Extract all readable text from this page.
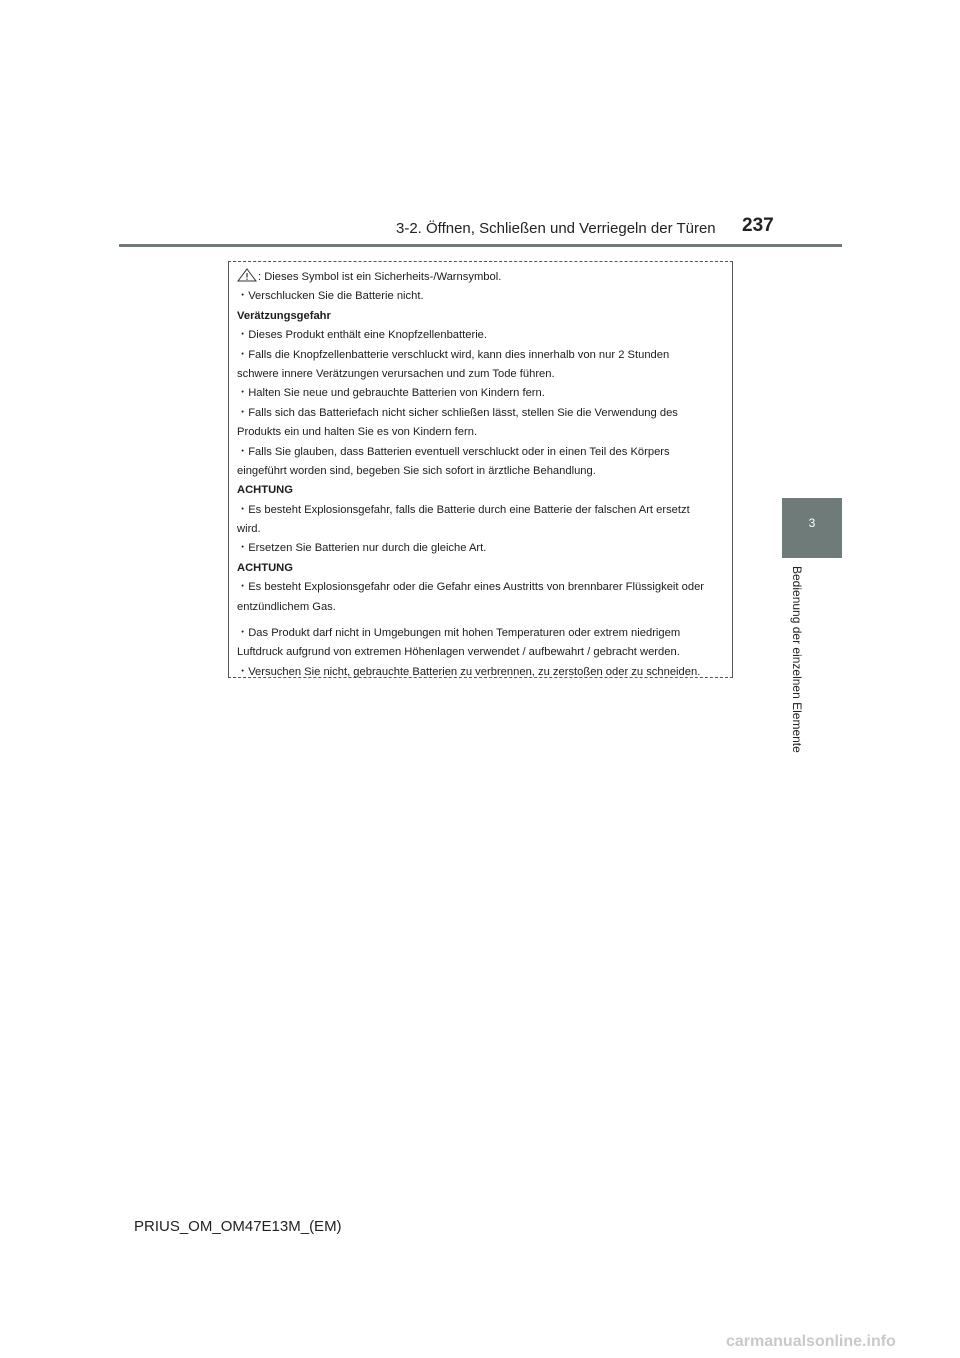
3-2. Öffnen, Schließen und Verriegeln der Türen 237
3
Bedienung der einzelnen Elemente
: Dieses Symbol ist ein Sicherheits-/Warnsymbol.
・Verschlucken Sie die Batterie nicht.
Verätzungsgefahr
・Dieses Produkt enthält eine Knopfzellenbatterie.
・Falls die Knopfzellenbatterie verschluckt wird, kann dies innerhalb von nur 2 Stunden
schwere innere Verätzungen verursachen und zum Tode führen.
・Halten Sie neue und gebrauchte Batterien von Kindern fern.
・Falls sich das Batteriefach nicht sicher schließen lässt, stellen Sie die Verwendung des
Produkts ein und halten Sie es von Kindern fern.
・Falls Sie glauben, dass Batterien eventuell verschluckt oder in einen Teil des Körpers
eingeführt worden sind, begeben Sie sich sofort in ärztliche Behandlung.
ACHTUNG
・Es besteht Explosionsgefahr, falls die Batterie durch eine Batterie der falschen Art ersetzt
wird.
・Ersetzen Sie Batterien nur durch die gleiche Art.
ACHTUNG
・Es besteht Explosionsgefahr oder die Gefahr eines Austritts von brennbarer Flüssigkeit oder
entzündlichem Gas.
・Das Produkt darf nicht in Umgebungen mit hohen Temperaturen oder extrem niedrigem
Luftdruck aufgrund von extremen Höhenlagen verwendet / aufbewahrt / gebracht werden.
・Versuchen Sie nicht, gebrauchte Batterien zu verbrennen, zu zerstoßen oder zu schneiden.
PRIUS_OM_OM47E13M_(EM)
carmanualsonline.info
